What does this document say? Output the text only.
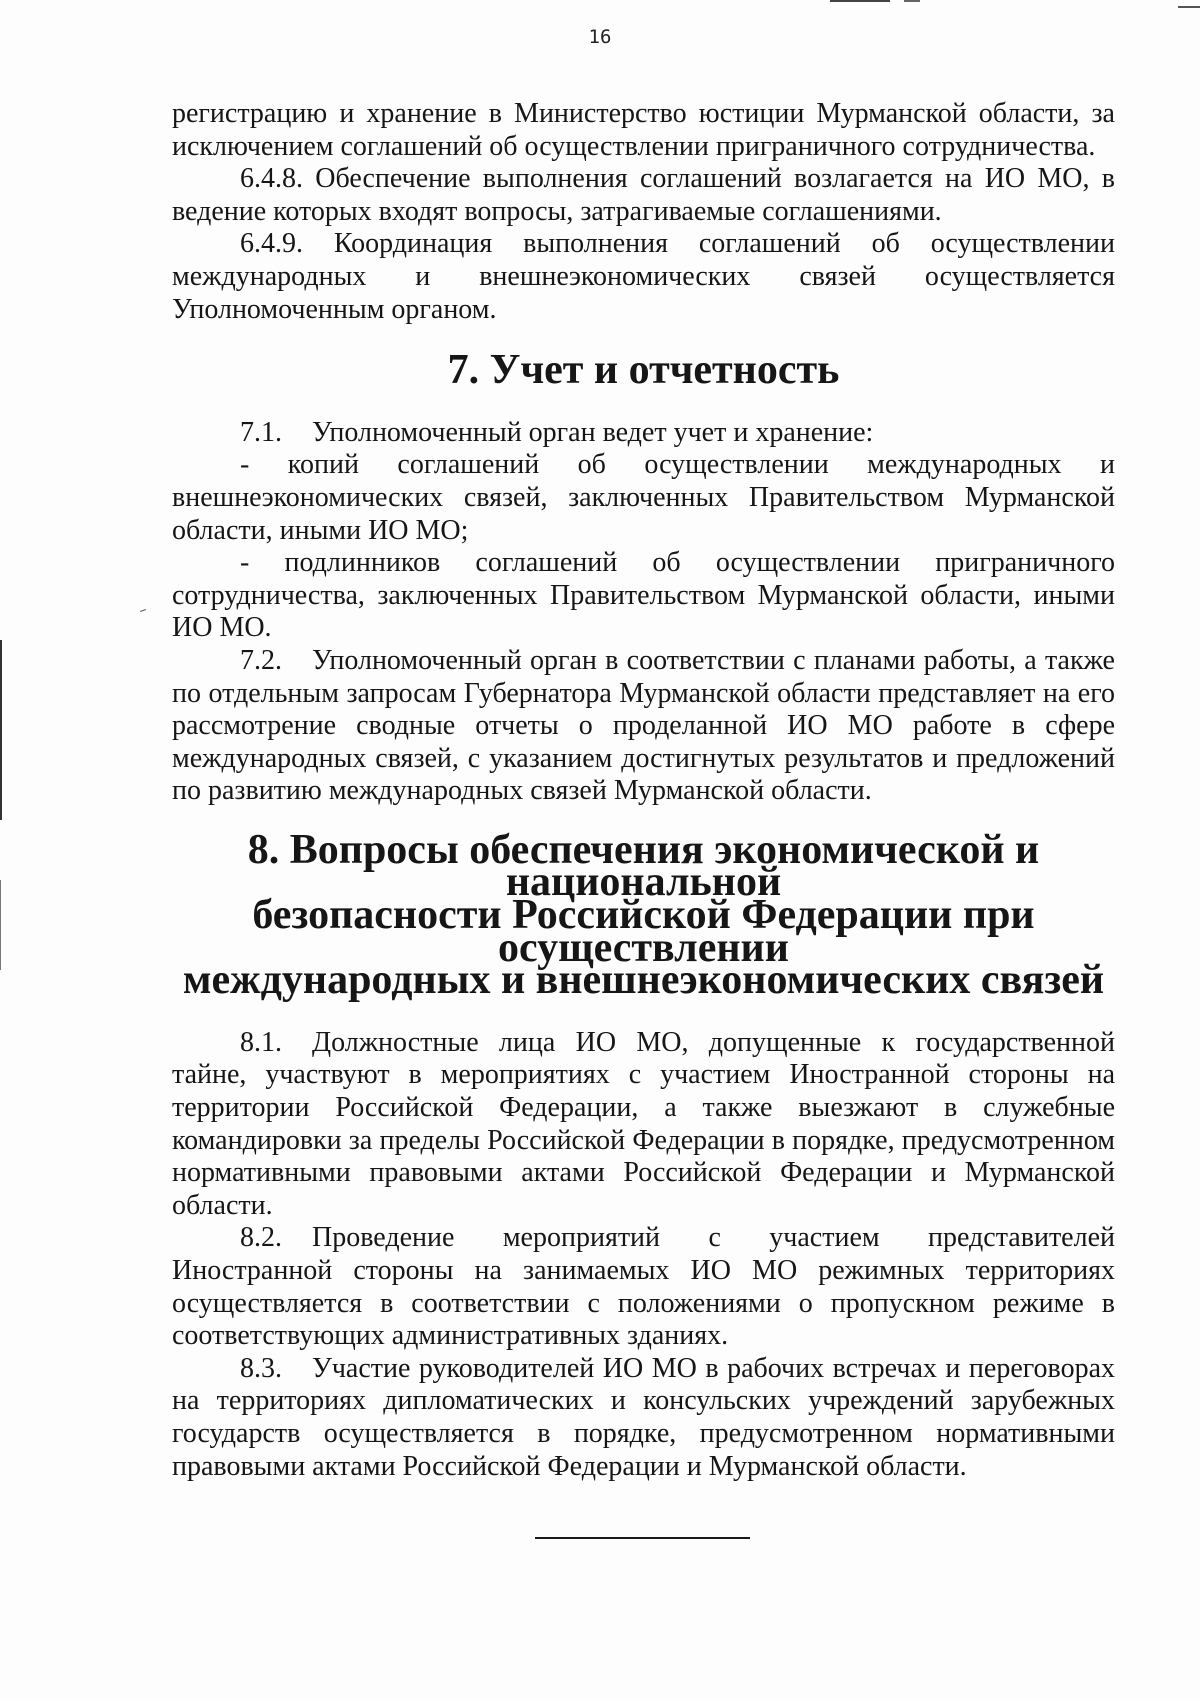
16

регистрацию и хранение в Министерство юстиции Мурманской области, за исключением соглашений об осуществлении приграничного сотрудничества.

6.4.8. Обеспечение выполнения соглашений возлагается на ИО МО, в ведение которых входят вопросы, затрагиваемые соглашениями.

6.4.9. Координация выполнения соглашений об осуществлении международных и внешнеэкономических связей осуществляется Уполномоченным органом.

7. Учет и отчетность

7.1. Уполномоченный орган ведет учет и хранение:

- копий соглашений об осуществлении международных и внешнеэкономических связей, заключенных Правительством Мурманской области, иными ИО МО;

- подлинников соглашений об осуществлении приграничного сотрудничества, заключенных Правительством Мурманской области, иными ИО МО.

7.2. Уполномоченный орган в соответствии с планами работы, а также по отдельным запросам Губернатора Мурманской области представляет на его рассмотрение сводные отчеты о проделанной ИО МО работе в сфере международных связей, с указанием достигнутых результатов и предложений по развитию международных связей Мурманской области.

8. Вопросы обеспечения экономической и национальной
безопасности Российской Федерации при осуществлении
международных и внешнеэкономических связей

8.1. Должностные лица ИО МО, допущенные к государственной тайне, участвуют в мероприятиях с участием Иностранной стороны на территории Российской Федерации, а также выезжают в служебные командировки за пределы Российской Федерации в порядке, предусмотренном нормативными правовыми актами Российской Федерации и Мурманской области.

8.2. Проведение мероприятий с участием представителей Иностранной стороны на занимаемых ИО МО режимных территориях осуществляется в соответствии с положениями о пропускном режиме в соответствующих административных зданиях.

8.3. Участие руководителей ИО МО в рабочих встречах и переговорах на территориях дипломатических и консульских учреждений зарубежных государств осуществляется в порядке, предусмотренном нормативными правовыми актами Российской Федерации и Мурманской области.
